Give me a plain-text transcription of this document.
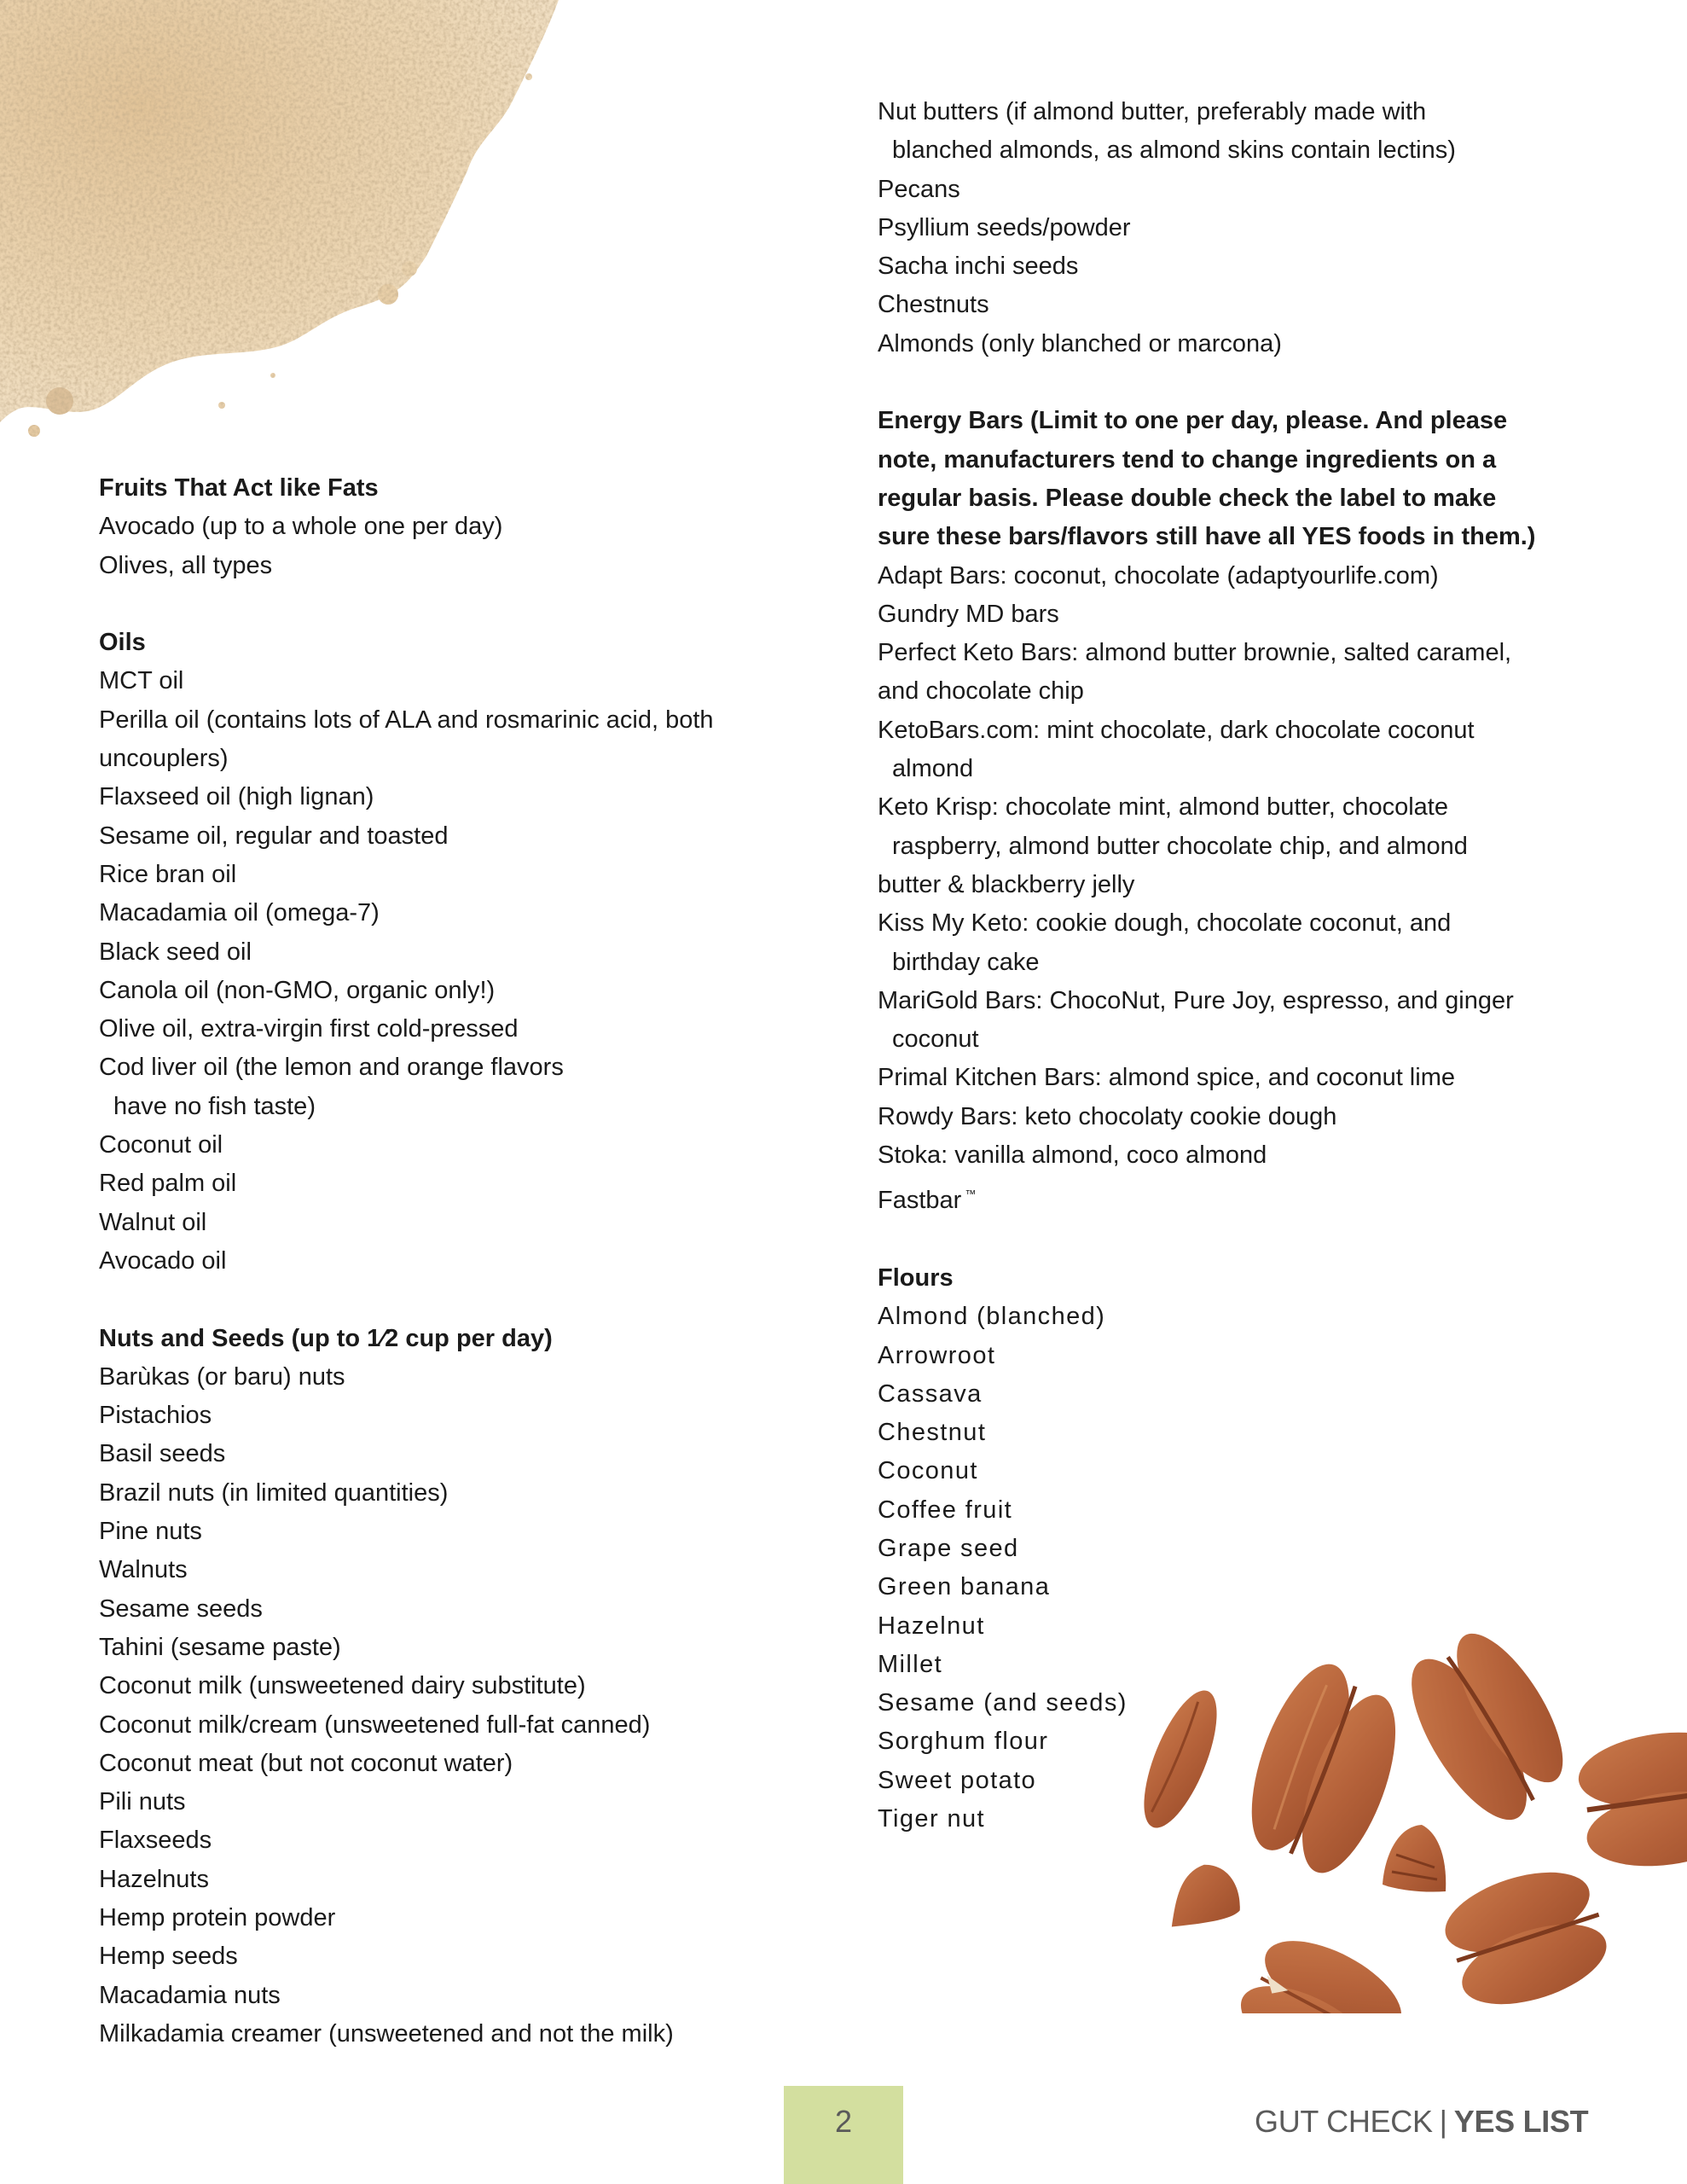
Fruits That Act like Fats
Avocado (up to a whole one per day)
Olives, all types
Oils
MCT oil
Perilla oil (contains lots of ALA and rosmarinic acid, both
uncouplers)
Flaxseed oil (high lignan)
Sesame oil, regular and toasted
Rice bran oil
Macadamia oil (omega-7)
Black seed oil
Canola oil (non-GMO, organic only!)
Olive oil, extra-virgin first cold-pressed
Cod liver oil (the lemon and orange flavors
have no fish taste)
Coconut oil
Red palm oil
Walnut oil
Avocado oil
Nuts and Seeds (up to 1⁄2 cup per day)
Barùkas (or baru) nuts
Pistachios
Basil seeds
Brazil nuts (in limited quantities)
Pine nuts
Walnuts
Sesame seeds
Tahini (sesame paste)
Coconut milk (unsweetened dairy substitute)
Coconut milk/cream (unsweetened full-fat canned)
Coconut meat (but not coconut water)
Pili nuts
Flaxseeds
Hazelnuts
Hemp protein powder
Hemp seeds
Macadamia nuts
Milkadamia creamer (unsweetened and not the milk)
Nut butters (if almond butter, preferably made with
blanched almonds, as almond skins contain lectins)
Pecans
Psyllium seeds/powder
Sacha inchi seeds
Chestnuts
Almonds (only blanched or marcona)
Energy Bars (Limit to one per day, please. And please
note, manufacturers tend to change ingredients on a
regular basis. Please double check the label to make
sure these bars/flavors still have all YES foods in them.)
Adapt Bars: coconut, chocolate (adaptyourlife.com)
Gundry MD bars
Perfect Keto Bars: almond butter brownie, salted caramel,
and chocolate chip
KetoBars.com: mint chocolate, dark chocolate coconut
almond
Keto Krisp: chocolate mint, almond butter, chocolate
raspberry, almond butter chocolate chip, and almond
butter & blackberry jelly
Kiss My Keto: cookie dough, chocolate coconut, and
birthday cake
MariGold Bars: ChocoNut, Pure Joy, espresso, and ginger
coconut
Primal Kitchen Bars: almond spice, and coconut lime
Rowdy Bars: keto chocolaty cookie dough
Stoka: vanilla almond, coco almond
Fastbar ™
Flours
Almond (blanched)
Arrowroot
Cassava
Chestnut
Coconut
Coffee fruit
Grape seed
Green banana
Hazelnut
Millet
Sesame (and seeds)
Sorghum flour
Sweet potato
Tiger nut
2	GUT CHECK | YES LIST
